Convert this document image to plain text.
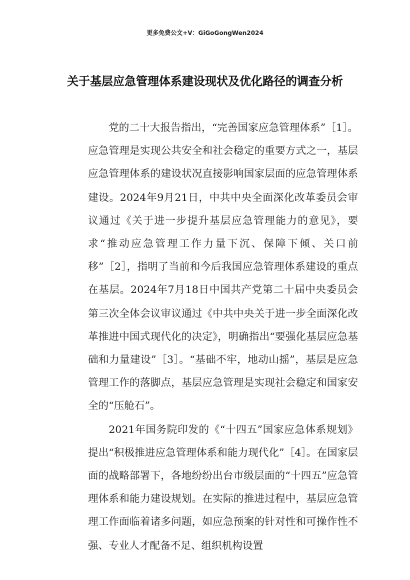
更多免费公文+V：GiGoGongWen2024
关于基层应急管理体系建设现状及优化路径的调查分析

党的二十大报告指出，“完善国家应急管理体系”［1］。应急管理是实现公共安全和社会稳定的重要方式之一，基层应急管理体系的建设状况直接影响国家层面的应急管理体系建设。2024年9月21日，中共中央全面深化改革委员会审议通过《关于进一步提升基层应急管理能力的意见》，要求“推动应急管理工作力量下沉、保障下倾、关口前移”［2］，指明了当前和今后我国应急管理体系建设的重点在基层。2024年7月18日中国共产党第二十届中央委员会第三次全体会议审议通过《中共中央关于进一步全面深化改革推进中国式现代化的决定》，明确指出“要强化基层应急基础和力量建设”［3］。“基础不牢，地动山摇”，基层是应急管理工作的落脚点，基层应急管理是实现社会稳定和国家安全的“压舱石”。

2021年国务院印发的《“十四五”国家应急体系规划》提出“积极推进应急管理体系和能力现代化”［4］。在国家层面的战略部署下，各地纷纷出台市级层面的“十四五”应急管理体系和能力建设规划。在实际的推进过程中，基层应急管理工作面临着诸多问题，如应急预案的针对性和可操作性不强、专业人才配备不足、组织机构设置
